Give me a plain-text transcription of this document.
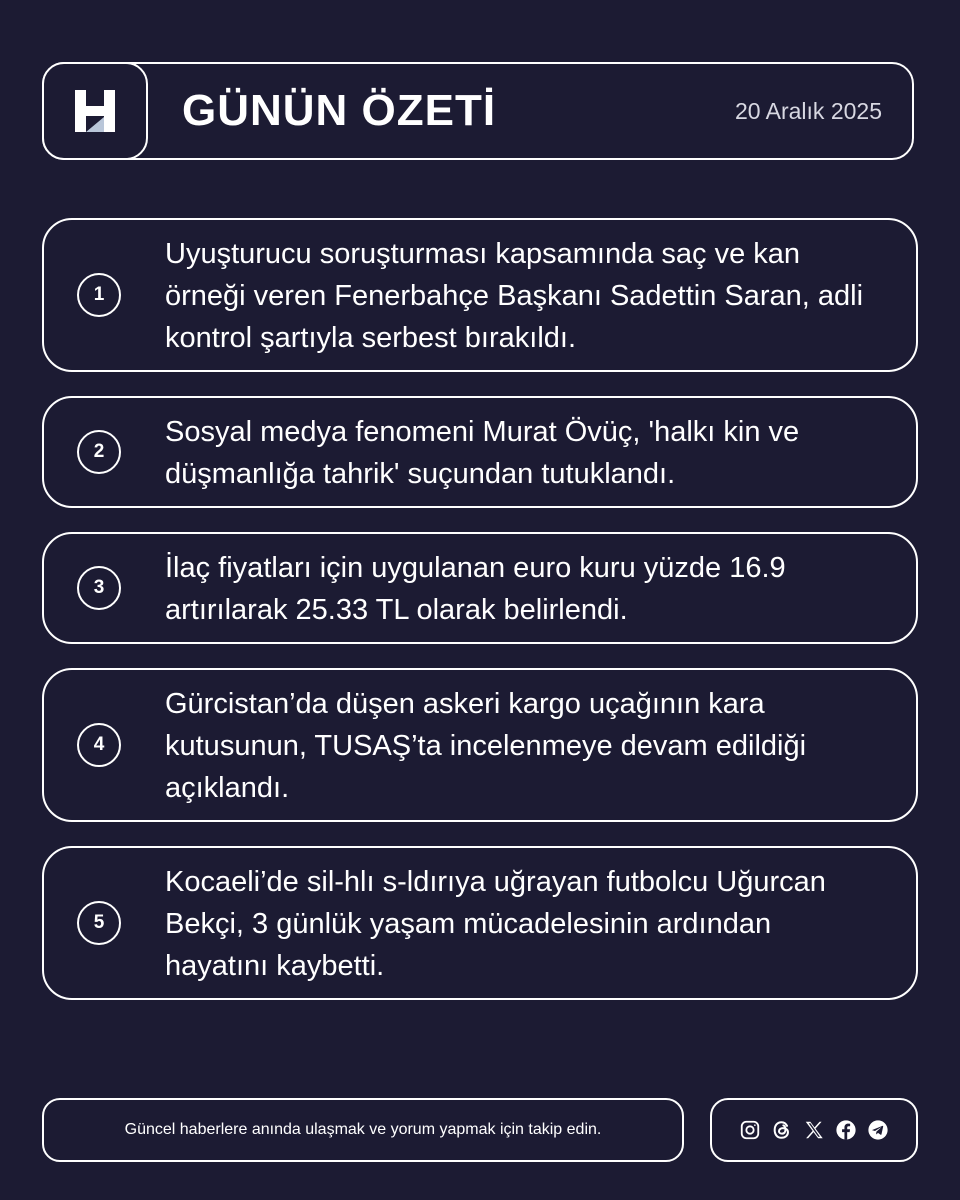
GÜNÜN ÖZETİ	20 Aralık 2025
1
Uyuşturucu soruşturması kapsamında saç ve kan örneği veren Fenerbahçe Başkanı Sadettin Saran, adli kontrol şartıyla serbest bırakıldı.
2
Sosyal medya fenomeni Murat Övüç, 'halkı kin ve düşmanlığa tahrik' suçundan tutuklandı.
3
İlaç fiyatları için uygulanan euro kuru yüzde 16.9 artırılarak 25.33 TL olarak belirlendi.
4
Gürcistan’da düşen askeri kargo uçağının kara kutusunun, TUSAŞ’ta incelenmeye devam edildiği açıklandı.
5
Kocaeli’de sil-hlı s-ldırıya uğrayan futbolcu Uğurcan Bekçi, 3 günlük yaşam mücadelesinin ardından hayatını kaybetti.
Güncel haberlere anında ulaşmak ve yorum yapmak için takip edin.
